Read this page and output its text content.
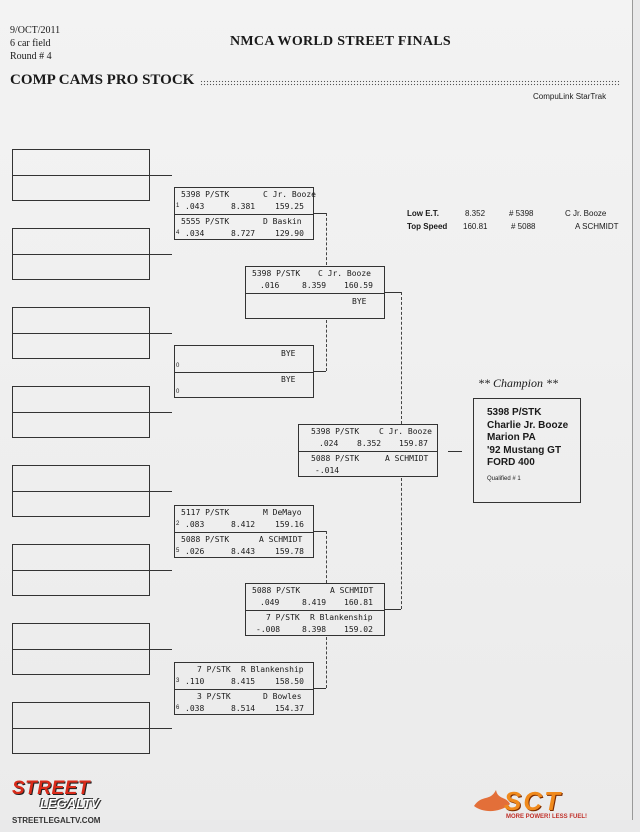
9/OCT/2011
6 car field
Round # 4
NMCA WORLD STREET FINALS
COMP CAMS PRO STOCK
CompuLink StarTrak
5398 P/STK	C Jr. Booze
1 .043	8.381 159.25
5555 P/STK	D Baskin
4 .034	8.727 129.90
BYE
0
BYE
0
5117 P/STK	M DeMayo
2 .083	8.412 159.16
5088 P/STK	A SCHMIDT
5 .026	8.443 159.78
7 P/STK R Blankenship
3 .110	8.415 158.50
3 P/STK	D Bowles
6 .038	8.514 154.37
5398 P/STK C Jr. Booze
.016	8.359 160.59
BYE
5088 P/STK	A SCHMIDT
.049	8.419 160.81
7 P/STK R Blankenship
-.008	8.398 159.02
5398 P/STK C Jr. Booze
.024 8.352 159.87
5088 P/STK	A SCHMIDT
-.014
Low E.T.	8.352	# 5398	C Jr. Booze
Top Speed 160.81	# 5088	A SCHMIDT
** Champion **
5398 P/STK
Charlie Jr. Booze
Marion PA
'92 Mustang GT
FORD 400
Qualified # 1
STREET
LEGALTV
STREETLEGALTV.COM
SCT
MORE POWER! LESS FUEL!
